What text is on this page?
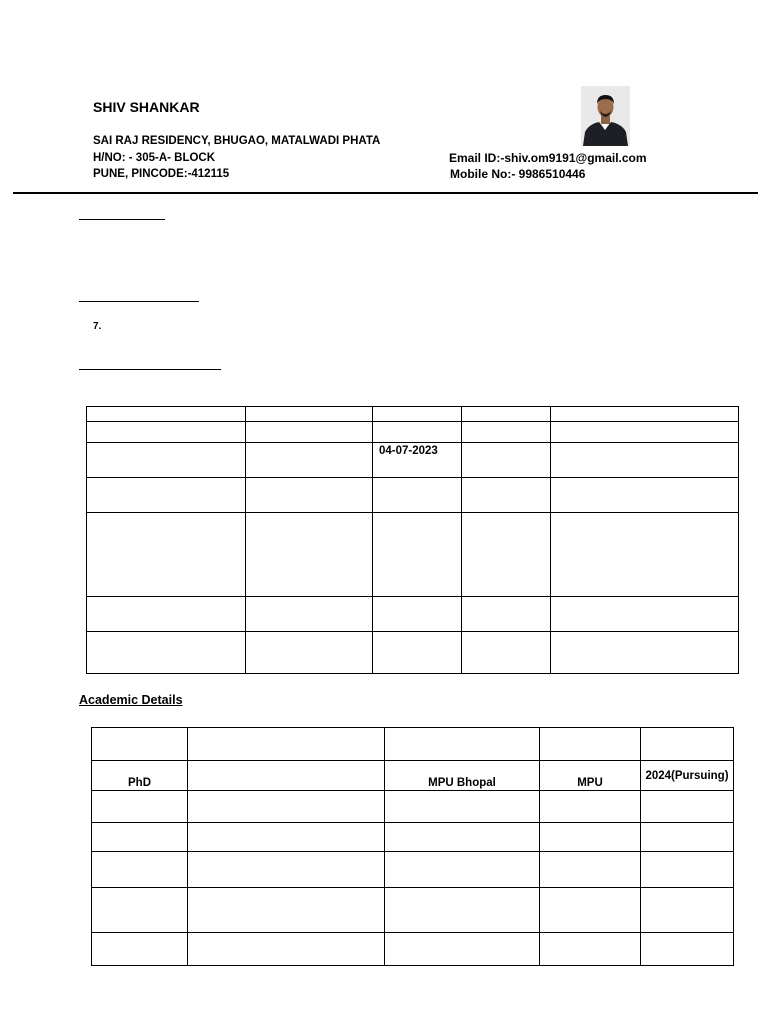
SHIV SHANKAR
SAI RAJ RESIDENCY, BHUGAO, MATALWADI PHATA
H/NO: - 305-A- BLOCK
PUNE, PINCODE:-412115
Email ID:-shiv.om9191@gmail.com
Mobile No:- 9986510446
7.

		04-07-2023		

Academic Details

PhD		MPU Bhopal	MPU	2024(Pursuing)
